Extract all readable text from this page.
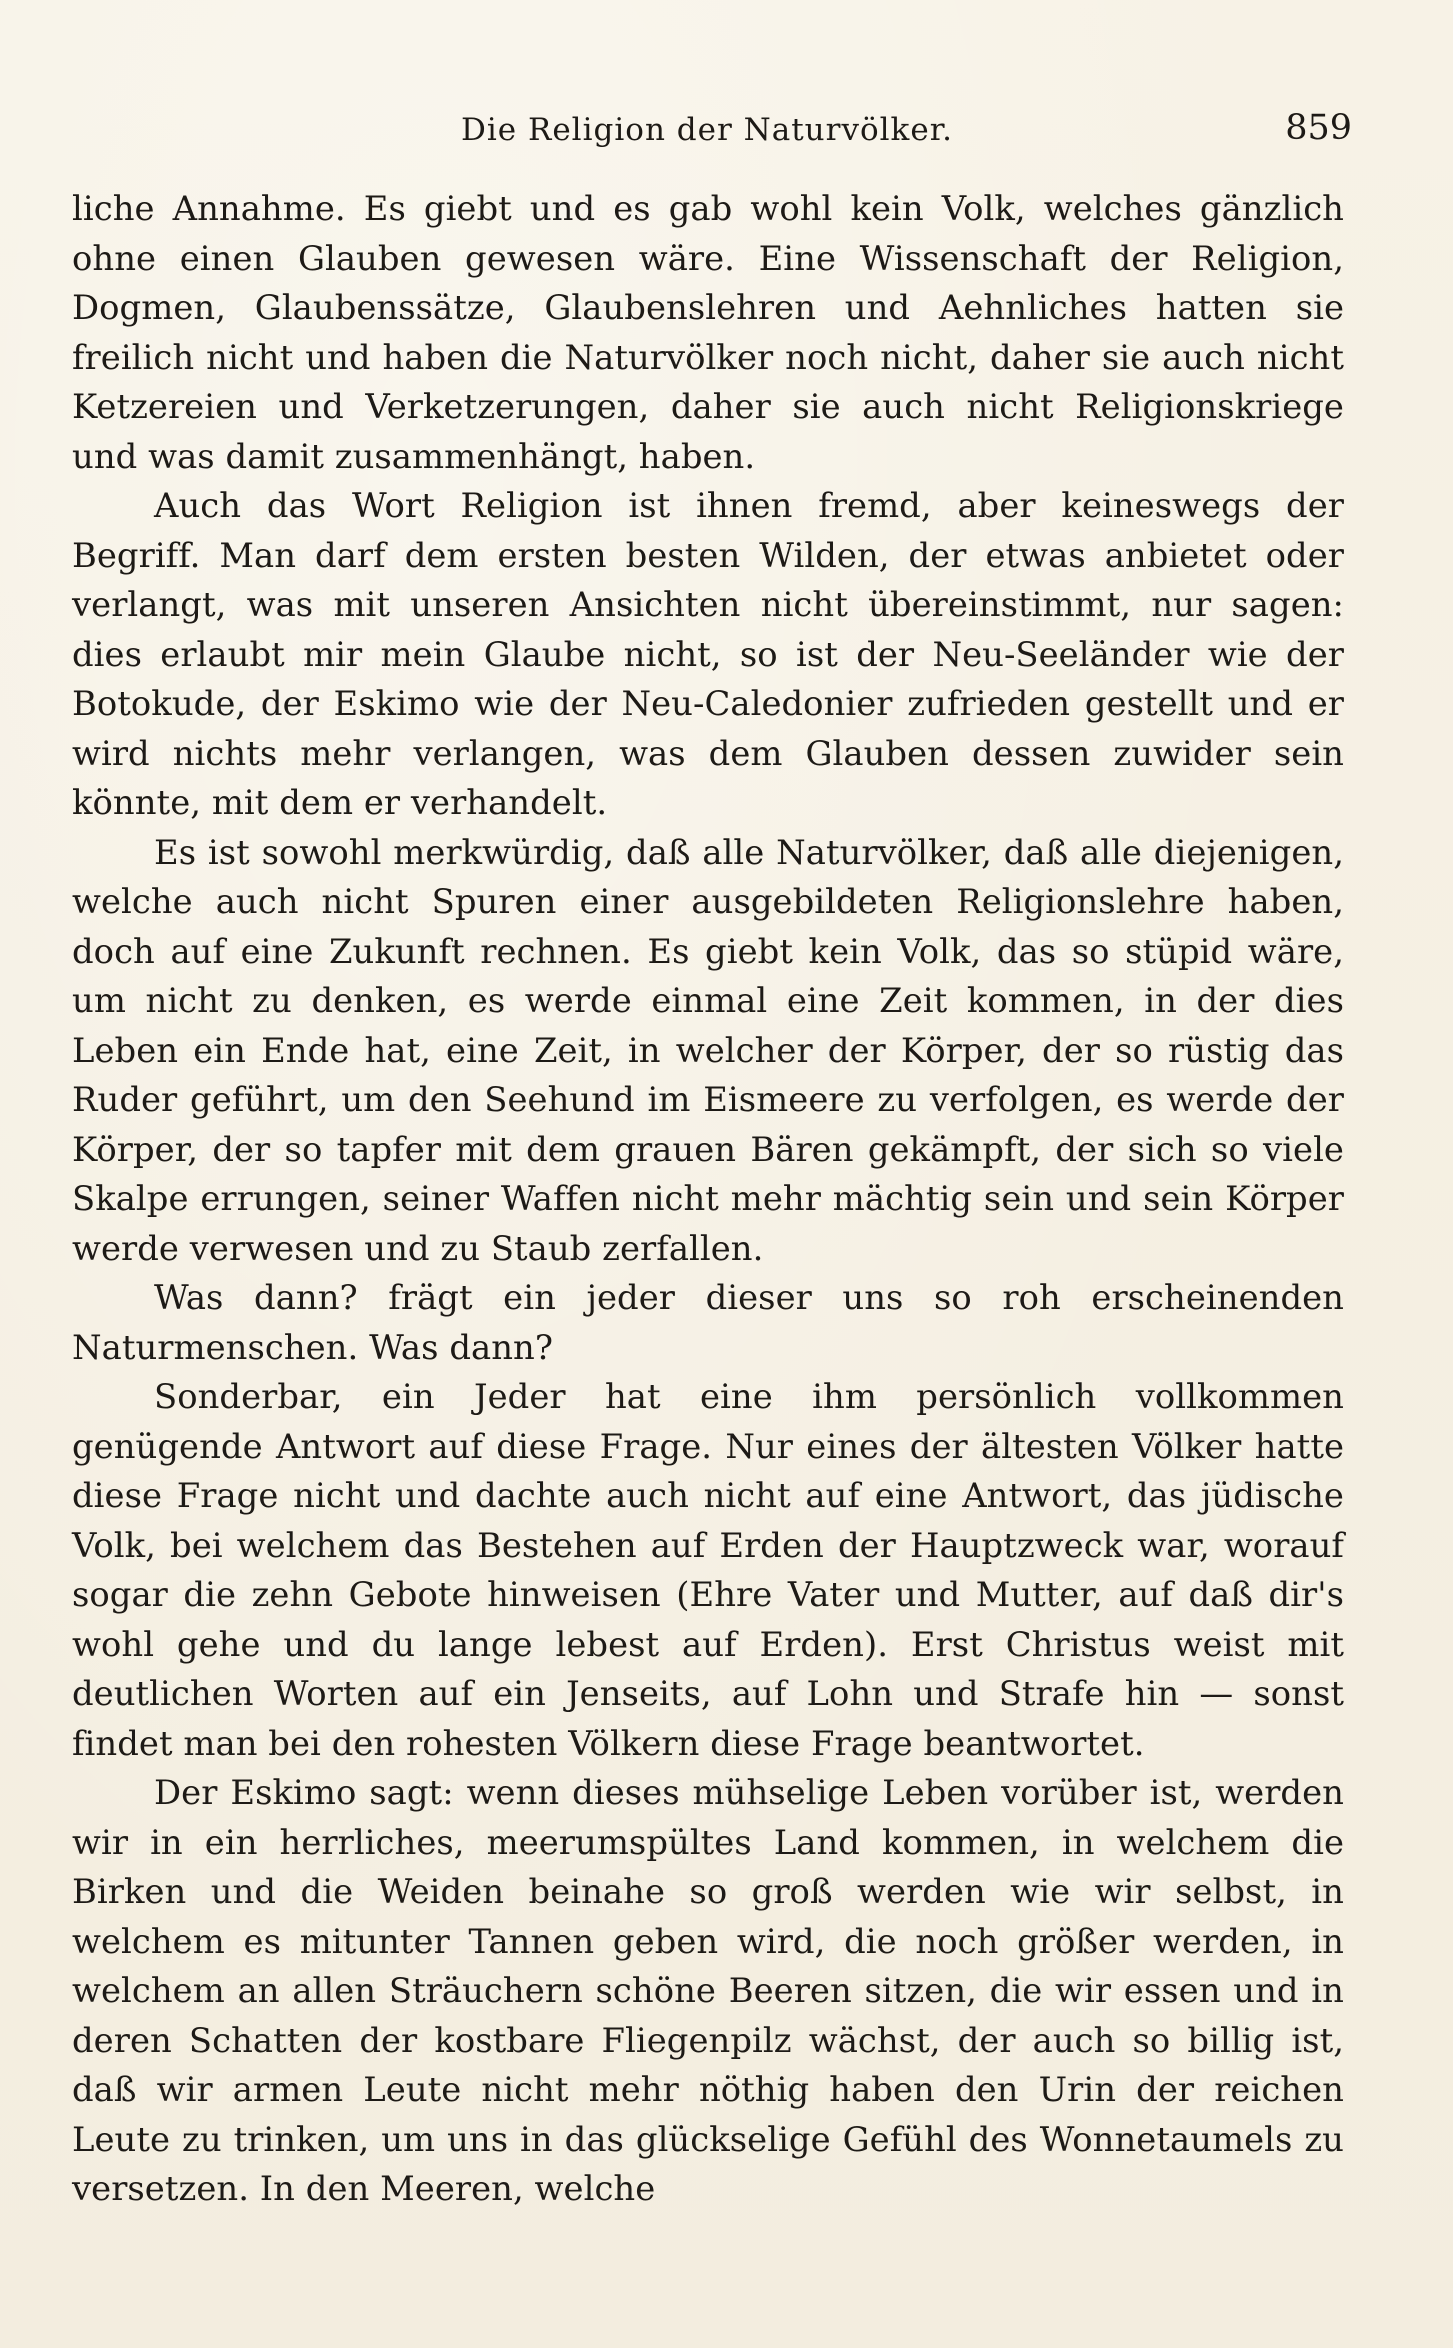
Die Religion der Naturvölker.	859

liche Annahme. Es giebt und es gab wohl kein Volk, welches gänzlich ohne einen Glauben gewesen wäre. Eine Wissenschaft der Religion, Dogmen, Glaubenssätze, Glaubenslehren und Aehnliches hatten sie freilich nicht und haben die Naturvölker noch nicht, daher sie auch nicht Ketzereien und Verketzerungen, daher sie auch nicht Religionskriege und was damit zusammenhängt, haben.

Auch das Wort Religion ist ihnen fremd, aber keineswegs der Begriff. Man darf dem ersten besten Wilden, der etwas anbietet oder verlangt, was mit unseren Ansichten nicht übereinstimmt, nur sagen: dies erlaubt mir mein Glaube nicht, so ist der Neu-Seeländer wie der Botokude, der Eskimo wie der Neu-Caledonier zufrieden gestellt und er wird nichts mehr verlangen, was dem Glauben dessen zuwider sein könnte, mit dem er verhandelt.

Es ist sowohl merkwürdig, daß alle Naturvölker, daß alle diejenigen, welche auch nicht Spuren einer ausgebildeten Religionslehre haben, doch auf eine Zukunft rechnen. Es giebt kein Volk, das so stüpid wäre, um nicht zu denken, es werde einmal eine Zeit kommen, in der dies Leben ein Ende hat, eine Zeit, in welcher der Körper, der so rüstig das Ruder geführt, um den Seehund im Eismeere zu verfolgen, es werde der Körper, der so tapfer mit dem grauen Bären gekämpft, der sich so viele Skalpe errungen, seiner Waffen nicht mehr mächtig sein und sein Körper werde verwesen und zu Staub zerfallen.

Was dann? frägt ein jeder dieser uns so roh erscheinenden Naturmenschen. Was dann?

Sonderbar, ein Jeder hat eine ihm persönlich vollkommen genügende Antwort auf diese Frage. Nur eines der ältesten Völker hatte diese Frage nicht und dachte auch nicht auf eine Antwort, das jüdische Volk, bei welchem das Bestehen auf Erden der Hauptzweck war, worauf sogar die zehn Gebote hinweisen (Ehre Vater und Mutter, auf daß dir's wohl gehe und du lange lebest auf Erden). Erst Christus weist mit deutlichen Worten auf ein Jenseits, auf Lohn und Strafe hin — sonst findet man bei den rohesten Völkern diese Frage beantwortet.

Der Eskimo sagt: wenn dieses mühselige Leben vorüber ist, werden wir in ein herrliches, meerumspültes Land kommen, in welchem die Birken und die Weiden beinahe so groß werden wie wir selbst, in welchem es mitunter Tannen geben wird, die noch größer werden, in welchem an allen Sträuchern schöne Beeren sitzen, die wir essen und in deren Schatten der kostbare Fliegenpilz wächst, der auch so billig ist, daß wir armen Leute nicht mehr nöthig haben den Urin der reichen Leute zu trinken, um uns in das glückselige Gefühl des Wonnetaumels zu versetzen. In den Meeren, welche
